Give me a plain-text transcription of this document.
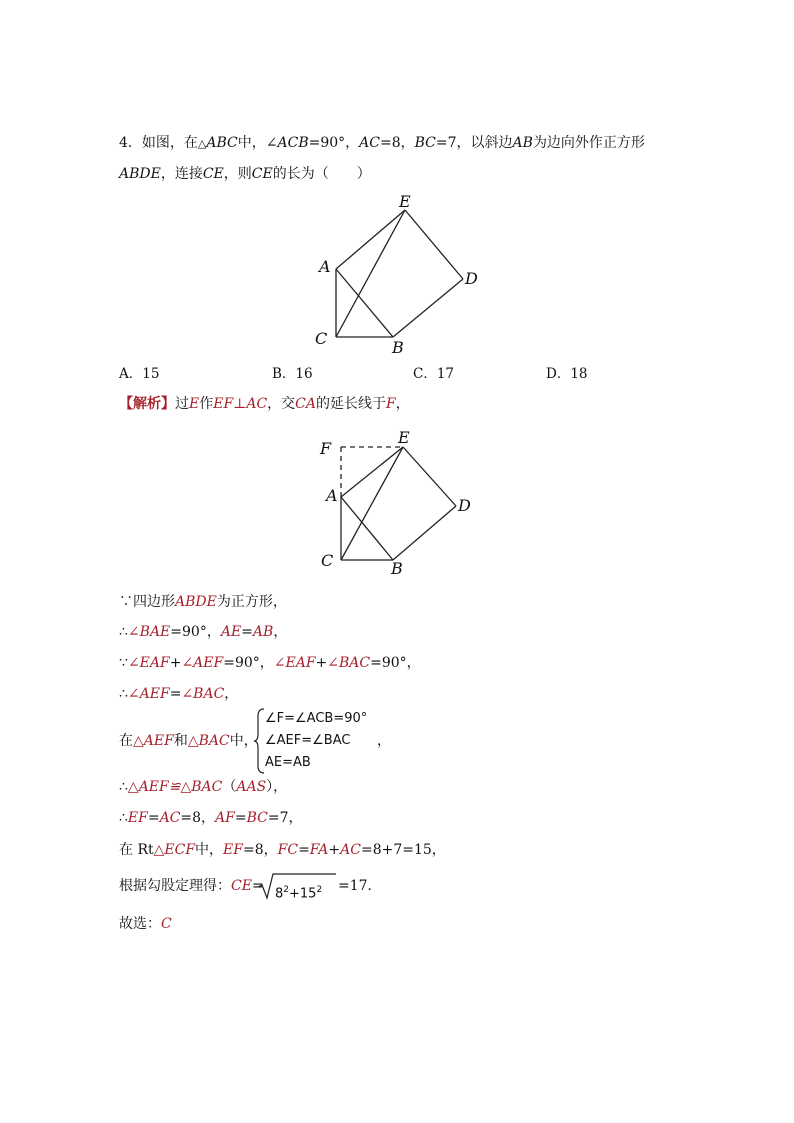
4．如图，在△ABC中，∠ACB=90°，AC=8，BC=7，以斜边AB为边向外作正方形
ABDE，连接CE，则CE的长为（　　）
E
A
D
C	B
A．15	B．16	C．17	D．18
【解析】过E作EF⊥AC，交CA的延长线于F，
F
E
A
D
C	B
∵四边形ABDE为正方形，
∴∠BAE=90°，AE=AB，
∵∠EAF+∠AEF=90°，∠EAF+∠BAC=90°，
∴∠AEF=∠BAC，
在△AEF和△BAC中，
∠F=∠ACB=90°
∠AEF=∠BAC
AE=AB
，
∴△AEF≌△BAC（AAS），
∴EF=AC=8，AF=BC=7，
在 Rt△ECF中，EF=8，FC=FA+AC=8+7=15，
根据勾股定理得：$CE= 8^2+15^2 =17$．
故选：C
